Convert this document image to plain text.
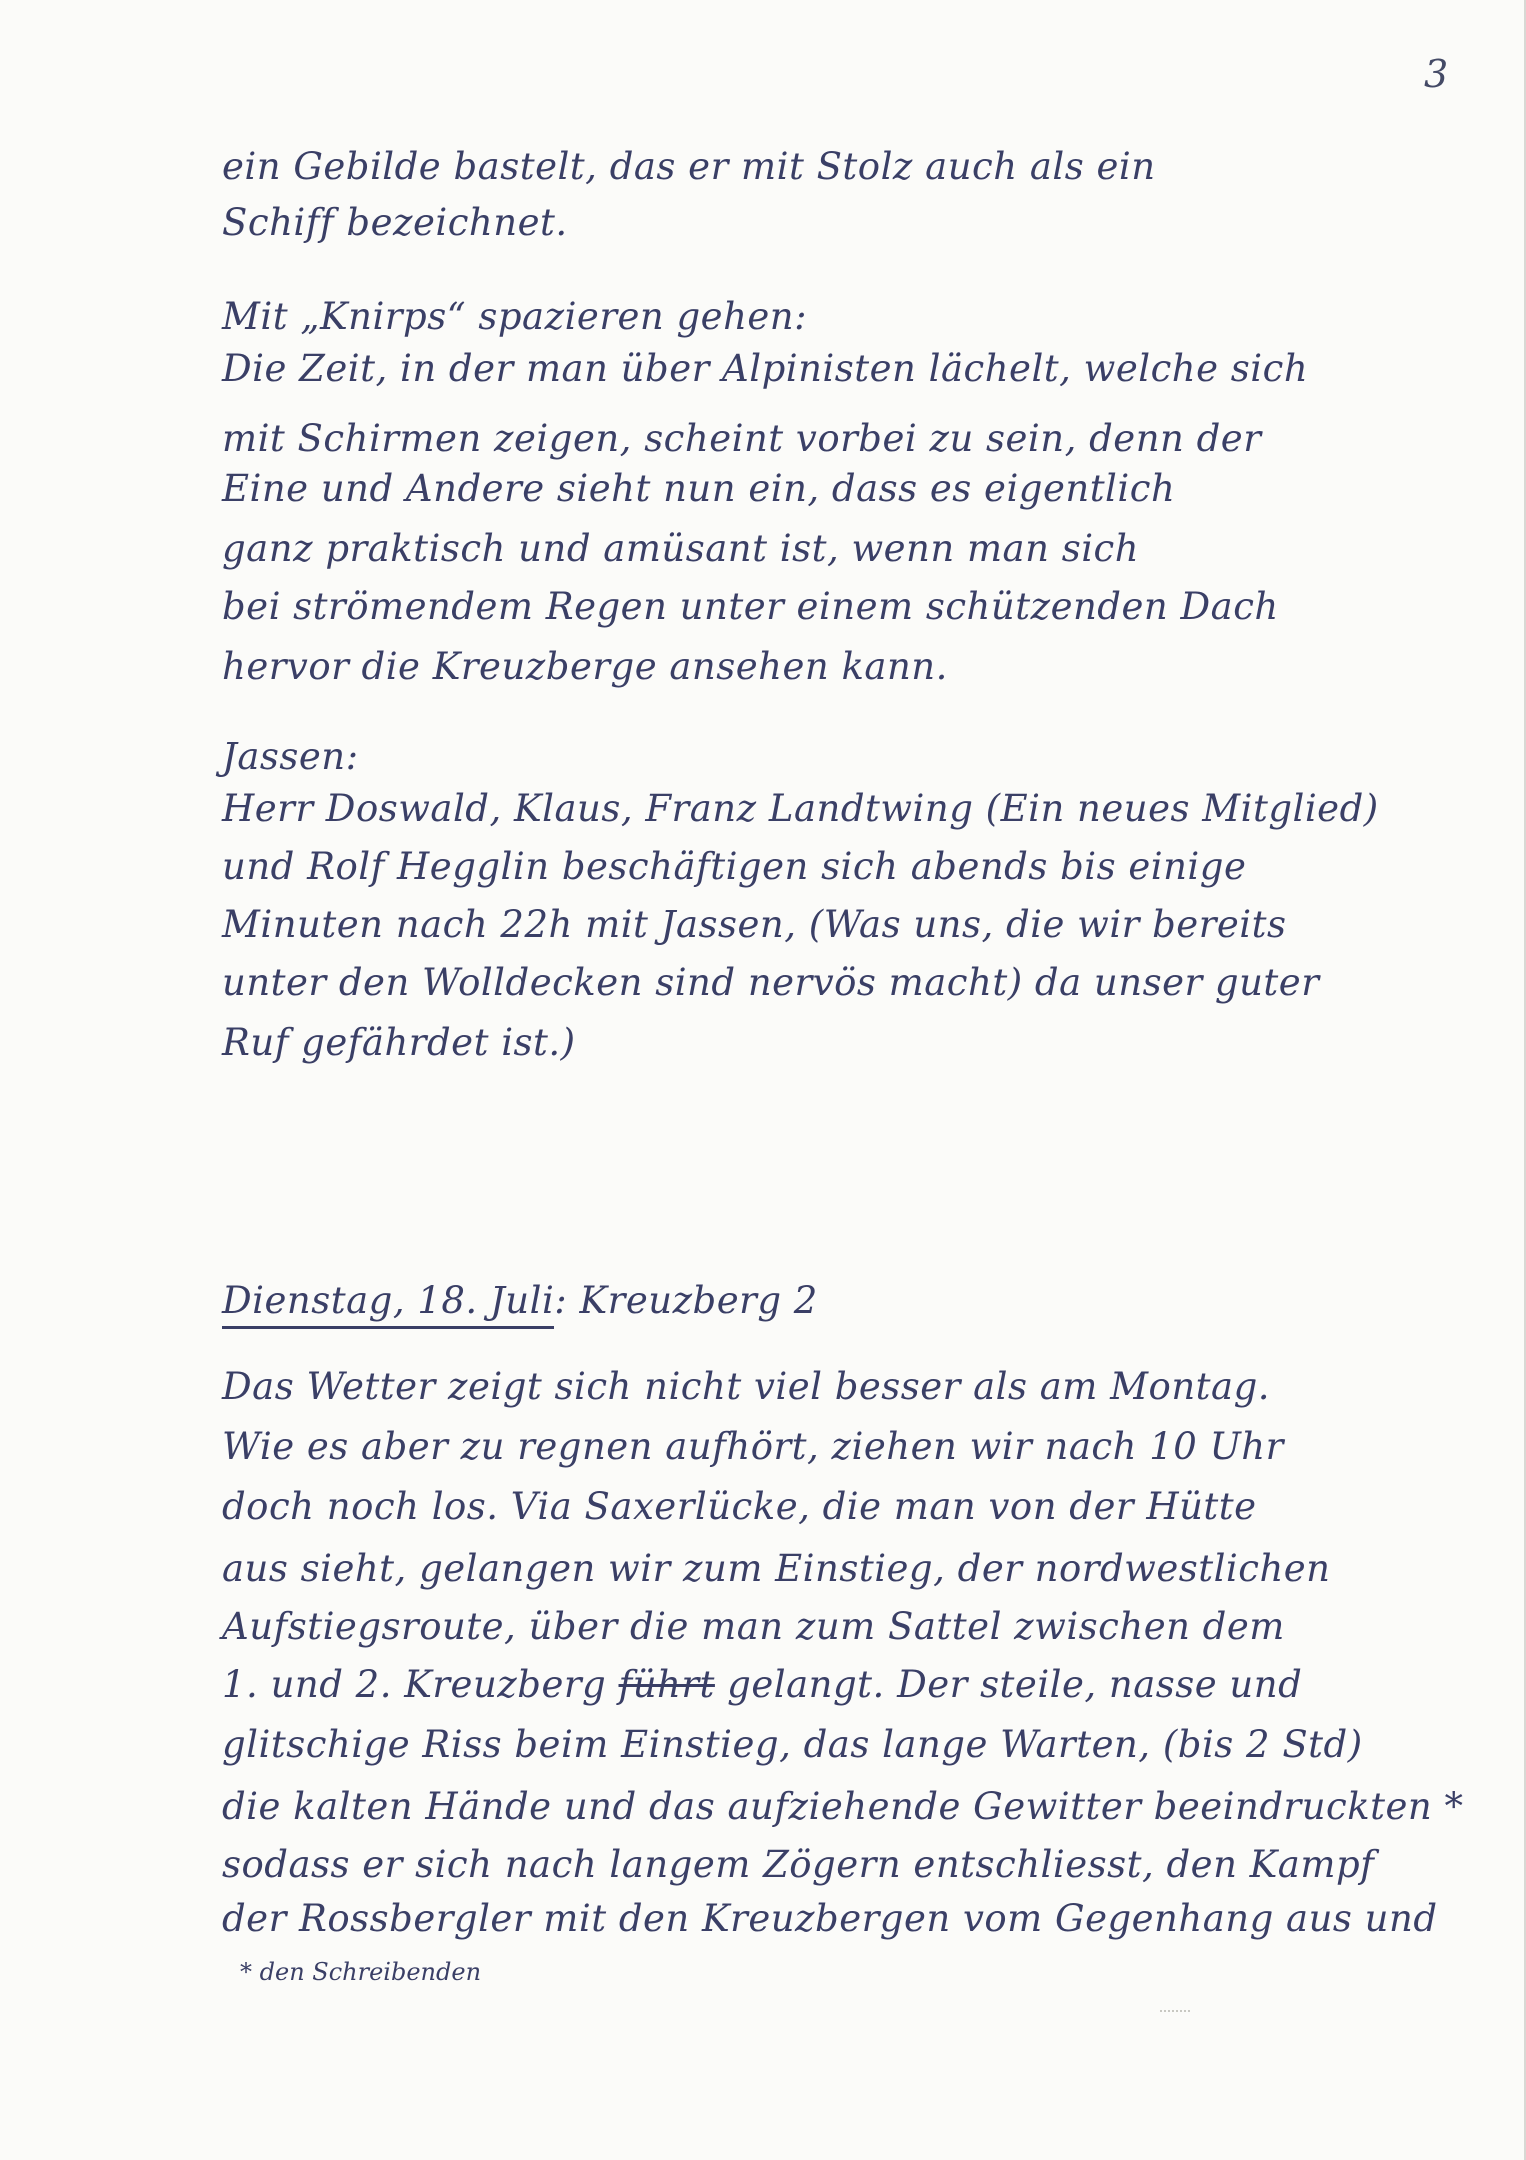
3

ein Gebilde bastelt, das er mit Stolz auch als ein

Schiff bezeichnet.

Mit „Knirps“ spazieren gehen:

Die Zeit, in der man über Alpinisten lächelt, welche sich

mit Schirmen zeigen, scheint vorbei zu sein, denn der

Eine und Andere sieht nun ein, dass es eigentlich

ganz praktisch und amüsant ist, wenn man sich

bei strömendem Regen unter einem schützenden Dach

hervor die Kreuzberge ansehen kann.

Jassen:

Herr Doswald, Klaus, Franz Landtwing (Ein neues Mitglied)

und Rolf Hegglin beschäftigen sich abends bis einige

Minuten nach 22h mit Jassen, (Was uns, die wir bereits

unter den Wolldecken sind nervös macht) da unser guter

Ruf gefährdet ist.)

Dienstag, 18. Juli: Kreuzberg 2

Das Wetter zeigt sich nicht viel besser als am Montag.

Wie es aber zu regnen aufhört, ziehen wir nach 10 Uhr

doch noch los. Via Saxerlücke, die man von der Hütte

aus sieht, gelangen wir zum Einstieg, der nordwestlichen

Aufstiegsroute, über die man zum Sattel zwischen dem

1. und 2. Kreuzberg führt gelangt. Der steile, nasse und

glitschige Riss beim Einstieg, das lange Warten, (bis 2 Std)

die kalten Hände und das aufziehende Gewitter beeindruckten *

sodass er sich nach langem Zögern entschliesst, den Kampf

der Rossbergler mit den Kreuzbergen vom Gegenhang aus und

* den Schreibenden
